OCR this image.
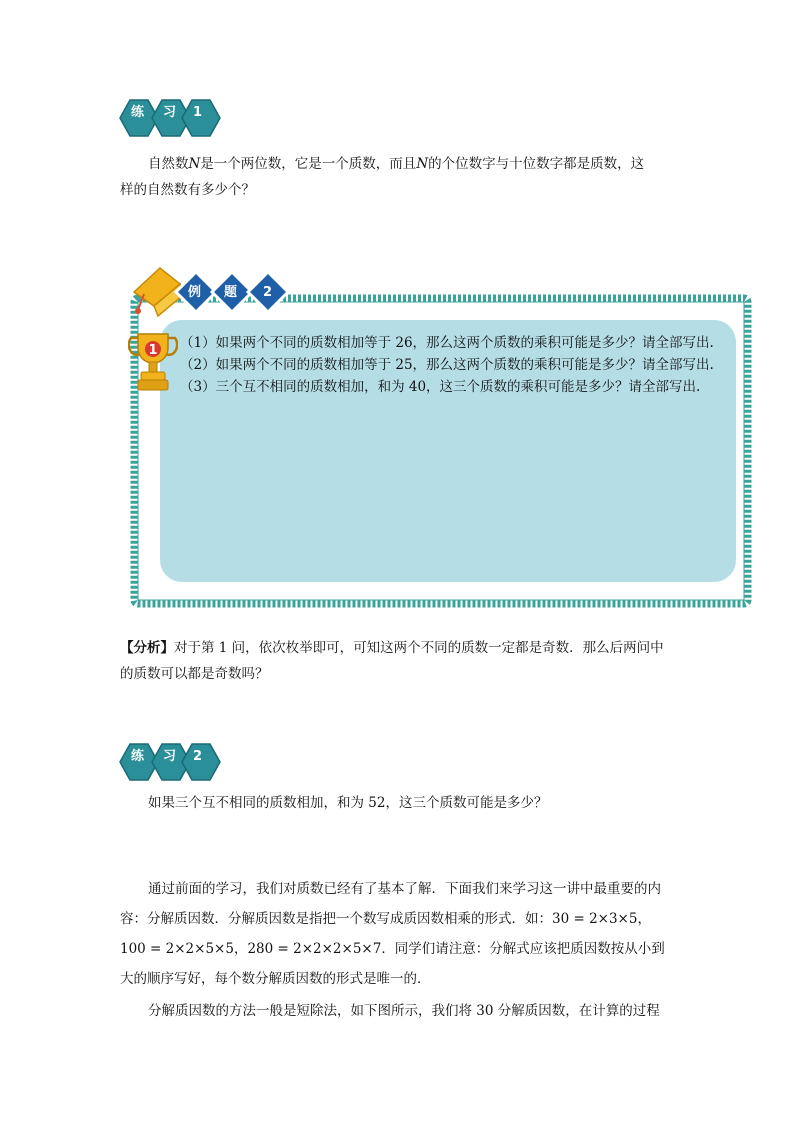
练 习 1

自然数N是一个两位数，它是一个质数，而且N的个位数字与十位数字都是质数，这

样的自然数有多少个？

例 题 2
1 （1）如果两个不同的质数相加等于 26，那么这两个质数的乘积可能是多少？请全部写出.
（2）如果两个不同的质数相加等于 25，那么这两个质数的乘积可能是多少？请全部写出.
（3）三个互不相同的质数相加，和为 40，这三个质数的乘积可能是多少？请全部写出.

【分析】对于第 1 问，依次枚举即可，可知这两个不同的质数一定都是奇数．那么后两问中

的质数可以都是奇数吗？

练 习 2

如果三个互不相同的质数相加，和为 52，这三个质数可能是多少？

通过前面的学习，我们对质数已经有了基本了解．下面我们来学习这一讲中最重要的内

容：分解质因数．分解质因数是指把一个数写成质因数相乘的形式．如：30 = 2×3×5，

100 = 2×2×5×5，280 = 2×2×2×5×7．同学们请注意：分解式应该把质因数按从小到

大的顺序写好，每个数分解质因数的形式是唯一的．

分解质因数的方法一般是短除法，如下图所示，我们将 30 分解质因数，在计算的过程
